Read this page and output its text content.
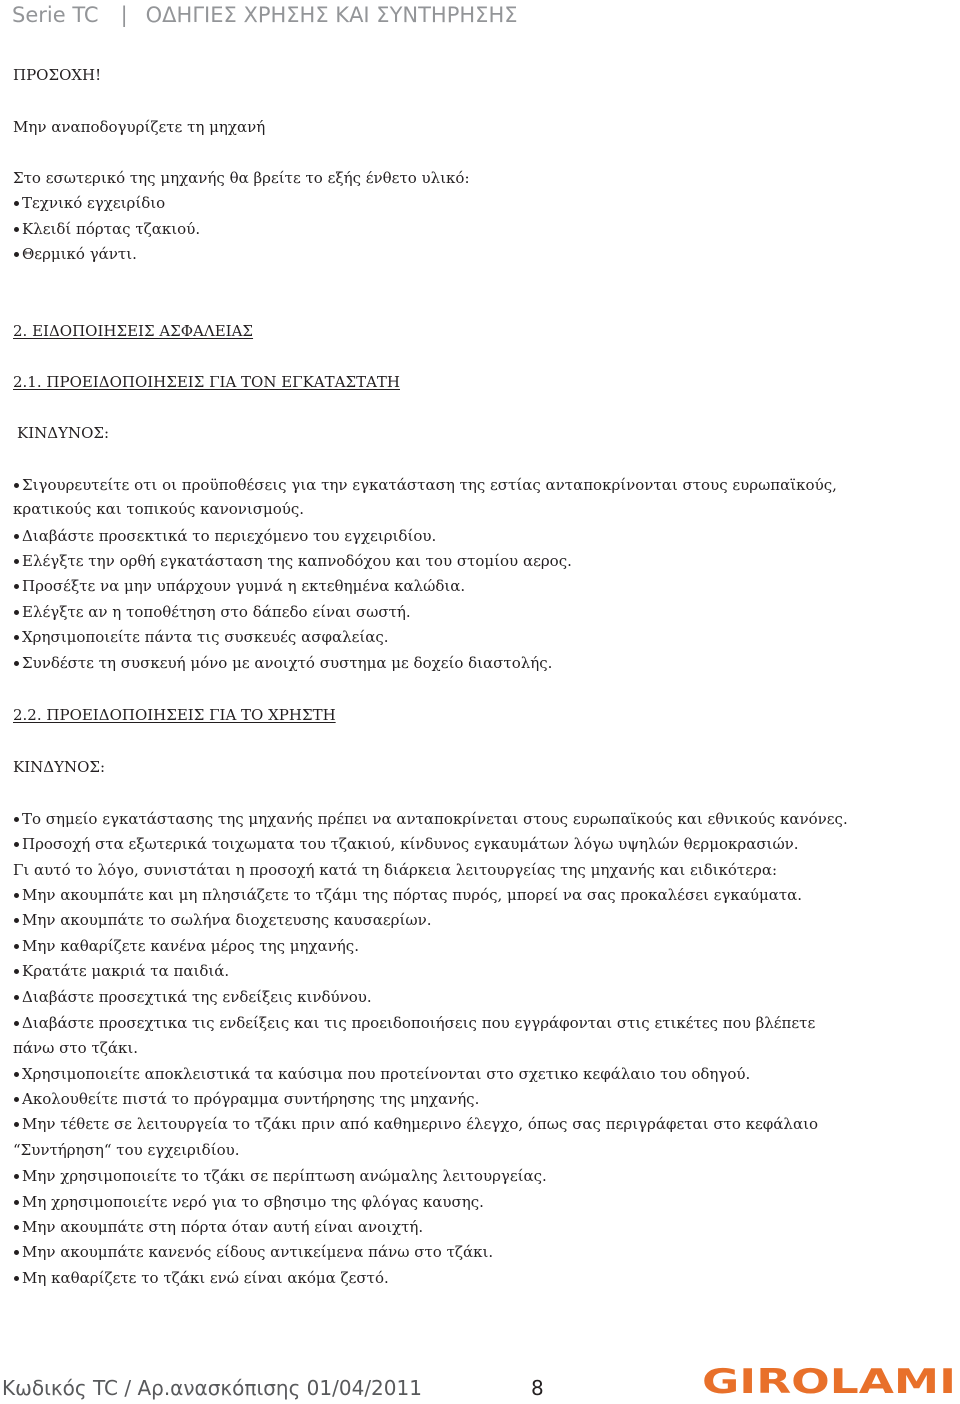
Serie TC | ΟΔΗΓΙΕΣ ΧΡΗΣΗΣ ΚΑΙ ΣΥΝΤΗΡΗΣΗΣ
ΠΡΟΣΟΧΗ!
Μην αναποδογυρίζετε τη μηχανή
Στο εσωτερικό της μηχανής θα βρείτε το εξής ένθετο υλικό:
Τεχνικό εγχειρίδιο
Κλειδί πόρτας τζακιού.
Θερμικό γάντι.
2. ΕΙΔΟΠΟΙΗΣΕΙΣ ΑΣΦΑΛΕΙΑΣ
2.1. ΠΡΟΕΙΔΟΠΟΙΗΣΕΙΣ ΓΙΑ ΤΟΝ ΕΓΚΑΤΑΣΤΑΤΗ
ΚΙΝΔΥΝΟΣ:
Σιγουρευτείτε οτι οι προϋποθέσεις για την εγκατάσταση της εστίας ανταποκρίνονται στους ευρωπαϊκούς,
κρατικούς και τοπικούς κανονισμούς.
Διαβάστε προσεκτικά το περιεχόμενο του εγχειριδίου.
Ελέγξτε την ορθή εγκατάσταση της καπνοδόχου και του στομίου αερος.
Προσέξτε να μην υπάρχουν γυμνά η εκτεθημένα καλώδια.
Ελέγξτε αν η τοποθέτηση στο δάπεδο είναι σωστή.
Χρησιμοποιείτε πάντα τις συσκευές ασφαλείας.
Συνδέστε τη συσκευή μόνο με ανοιχτό συστημα με δοχείο διαστολής.
2.2. ΠΡΟΕΙΔΟΠΟΙΗΣΕΙΣ ΓΙΑ ΤΟ ΧΡΗΣΤΗ
ΚΙΝΔΥΝΟΣ:
Το σημείο εγκατάστασης της μηχανής πρέπει να ανταποκρίνεται στους ευρωπαϊκούς και εθνικούς κανόνες.
Προσοχή στα εξωτερικά τοιχωματα του τζακιού, κίνδυνος εγκαυμάτων λόγω υψηλών θερμοκρασιών.
Γι αυτό το λόγο, συνιστάται η προσοχή κατά τη διάρκεια λειτουργείας της μηχανής και ειδικότερα:
Μην ακουμπάτε και μη πλησιάζετε το τζάμι της πόρτας πυρός, μπορεί να σας προκαλέσει εγκαύματα.
Μην ακουμπάτε το σωλήνα διοχετευσης καυσαερίων.
Μην καθαρίζετε κανένα μέρος της μηχανής.
Κρατάτε μακριά τα παιδιά.
Διαβάστε προσεχτικά της ενδείξεις κινδύνου.
Διαβάστε προσεχτικα τις ενδείξεις και τις προειδοποιήσεις που εγγράφονται στις ετικέτες που βλέπετε
πάνω στο τζάκι.
Χρησιμοποιείτε αποκλειστικά τα καύσιμα που προτείνονται στο σχετικο κεφάλαιο του οδηγού.
Ακολουθείτε πιστά το πρόγραμμα συντήρησης της μηχανής.
Μην τέθετε σε λειτουργεία το τζάκι πριν από καθημερινο έλεγχο, όπως σας περιγράφεται στο κεφάλαιο
“Συντήρηση“ του εγχειριδίου.
Μην χρησιμοποιείτε το τζάκι σε περίπτωση ανώμαλης λειτουργείας.
Μη χρησιμοποιείτε νερό για το σβησιμο της φλόγας καυσης.
Μην ακουμπάτε στη πόρτα όταν αυτή είναι ανοιχτή.
Μην ακουμπάτε κανενός είδους αντικείμενα πάνω στο τζάκι.
Μη καθαρίζετε το τζάκι ενώ είναι ακόμα ζεστό.
Κωδικός TC / Αρ.ανασκόπισης 01/04/2011	8	GIROLAMI
